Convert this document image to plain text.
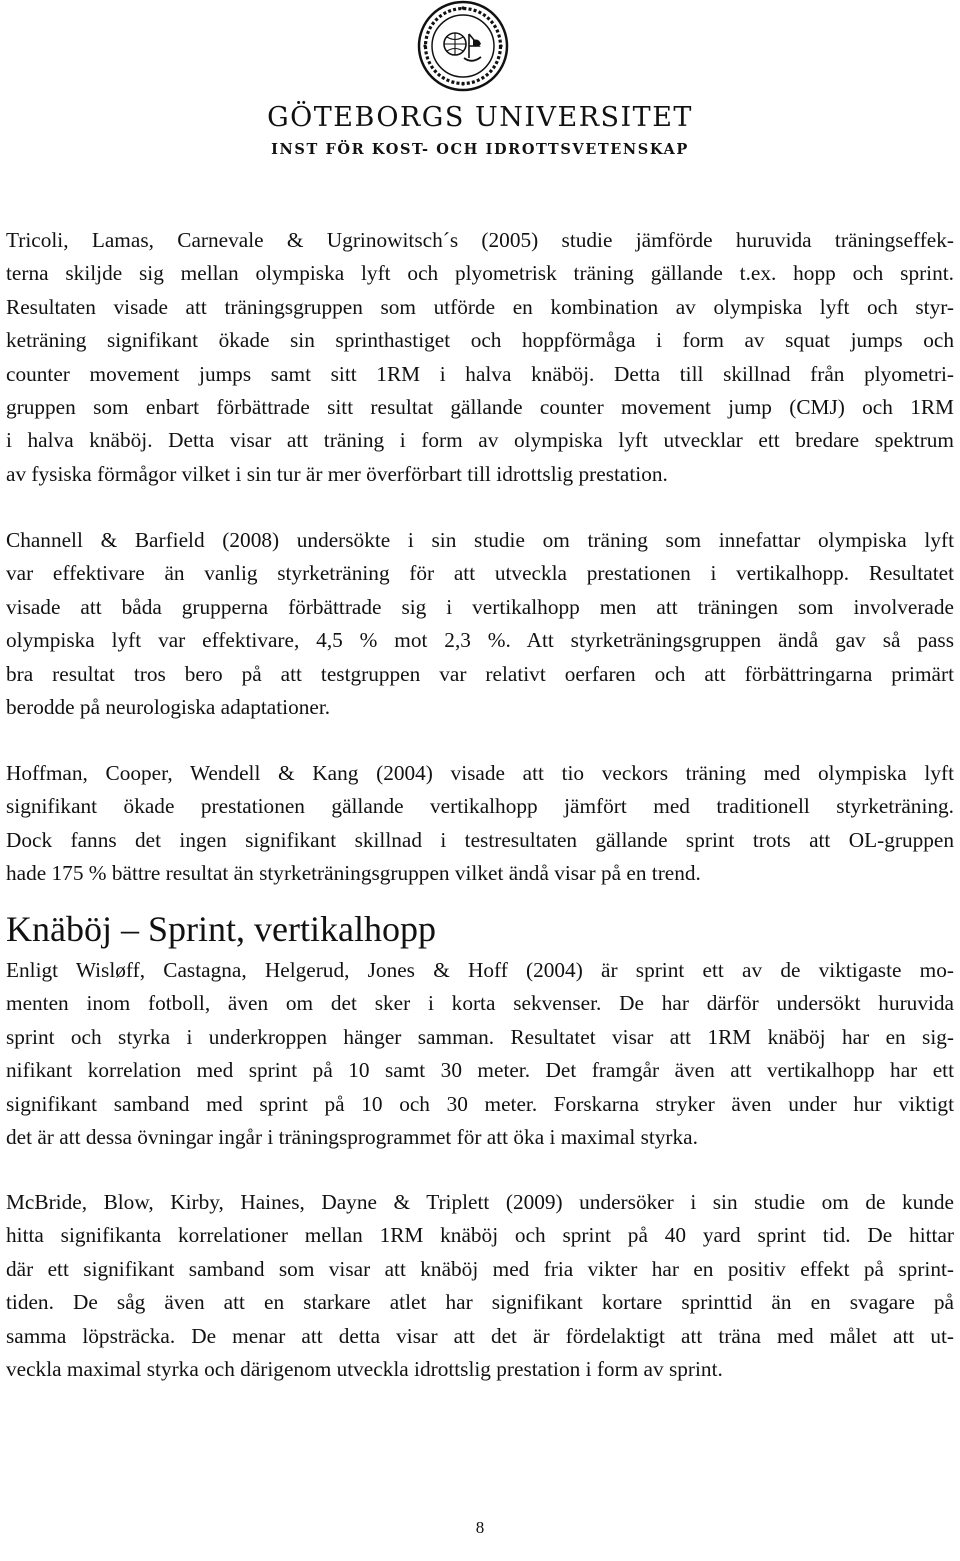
GÖTEBORGS UNIVERSITET
INST FÖR KOST- OCH IDROTTSVETENSKAP
Tricoli, Lamas, Carnevale & Ugrinowitsch´s (2005) studie jämförde huruvida träningseffek-
terna skiljde sig mellan olympiska lyft och plyometrisk träning gällande t.ex. hopp och sprint.
Resultaten visade att träningsgruppen som utförde en kombination av olympiska lyft och styr-
keträning signifikant ökade sin sprinthastiget och hoppförmåga i form av squat jumps och
counter movement jumps samt sitt 1RM i halva knäböj. Detta till skillnad från plyometri-
gruppen som enbart förbättrade sitt resultat gällande counter movement jump (CMJ) och 1RM
i halva knäböj. Detta visar att träning i form av olympiska lyft utvecklar ett bredare spektrum
av fysiska förmågor vilket i sin tur är mer överförbart till idrottslig prestation.
Channell & Barfield (2008) undersökte i sin studie om träning som innefattar olympiska lyft
var effektivare än vanlig styrketräning för att utveckla prestationen i vertikalhopp. Resultatet
visade att båda grupperna förbättrade sig i vertikalhopp men att träningen som involverade
olympiska lyft var effektivare, 4,5 % mot 2,3 %. Att styrketräningsgruppen ändå gav så pass
bra resultat tros bero på att testgruppen var relativt oerfaren och att förbättringarna primärt
berodde på neurologiska adaptationer.
Hoffman, Cooper, Wendell & Kang (2004) visade att tio veckors träning med olympiska lyft
signifikant ökade prestationen gällande vertikalhopp jämfört med traditionell styrketräning.
Dock fanns det ingen signifikant skillnad i testresultaten gällande sprint trots att OL-gruppen
hade 175 % bättre resultat än styrketräningsgruppen vilket ändå visar på en trend.
Knäböj – Sprint, vertikalhopp
Enligt Wisløff, Castagna, Helgerud, Jones & Hoff (2004) är sprint ett av de viktigaste mo-
menten inom fotboll, även om det sker i korta sekvenser. De har därför undersökt huruvida
sprint och styrka i underkroppen hänger samman. Resultatet visar att 1RM knäböj har en sig-
nifikant korrelation med sprint på 10 samt 30 meter. Det framgår även att vertikalhopp har ett
signifikant samband med sprint på 10 och 30 meter. Forskarna stryker även under hur viktigt
det är att dessa övningar ingår i träningsprogrammet för att öka i maximal styrka.
McBride, Blow, Kirby, Haines, Dayne & Triplett (2009) undersöker i sin studie om de kunde
hitta signifikanta korrelationer mellan 1RM knäböj och sprint på 40 yard sprint tid. De hittar
där ett signifikant samband som visar att knäböj med fria vikter har en positiv effekt på sprint-
tiden. De såg även att en starkare atlet har signifikant kortare sprinttid än en svagare på
samma löpsträcka. De menar att detta visar att det är fördelaktigt att träna med målet att ut-
veckla maximal styrka och därigenom utveckla idrottslig prestation i form av sprint.
8
